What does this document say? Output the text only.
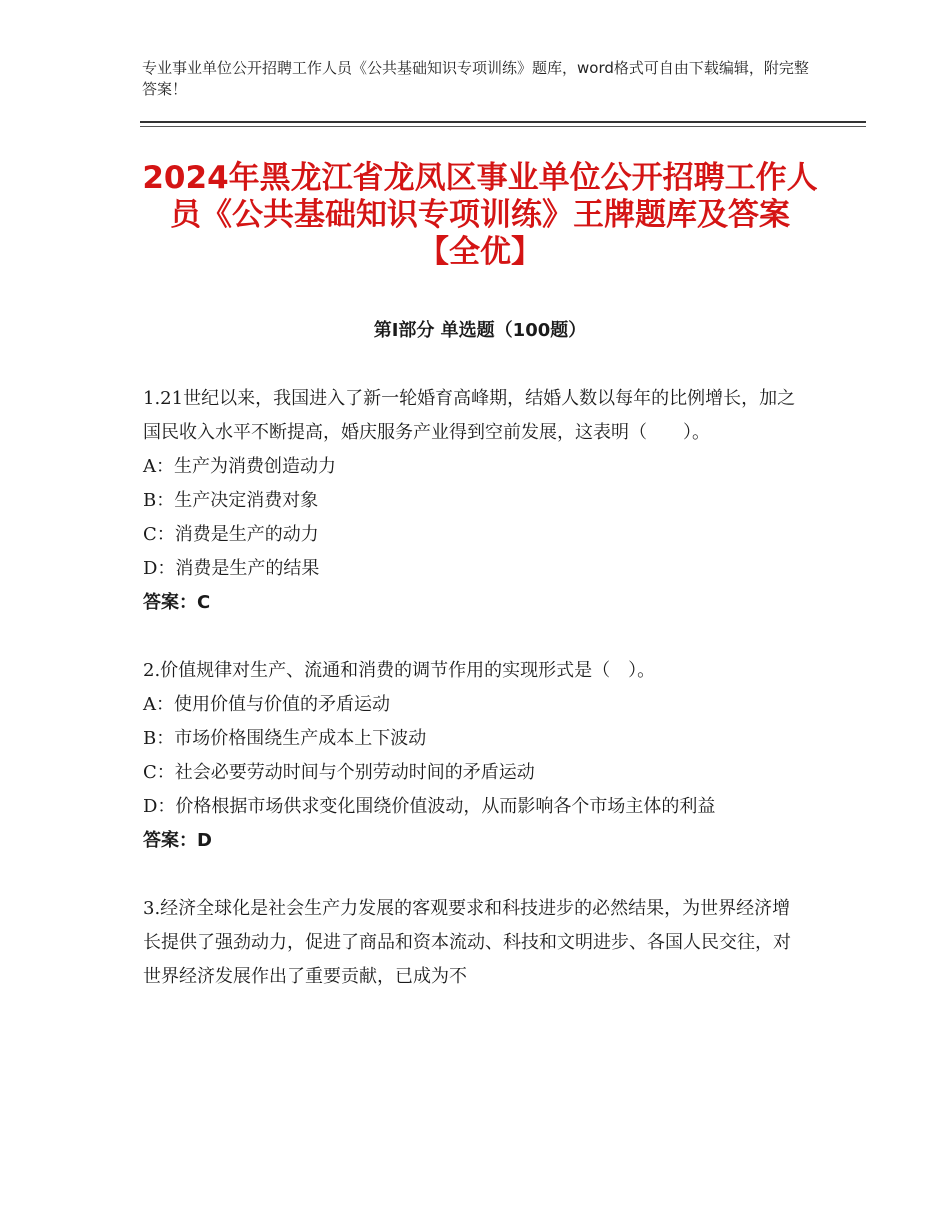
专业事业单位公开招聘工作人员《公共基础知识专项训练》题库，word格式可自由下载编辑，附完整答案！
2024年黑龙江省龙凤区事业单位公开招聘工作人员《公共基础知识专项训练》王牌题库及答案【全优】
第Ⅰ部分 单选题（100题）
1.21世纪以来，我国进入了新一轮婚育高峰期，结婚人数以每年的比例增长，加之国民收入水平不断提高，婚庆服务产业得到空前发展，这表明（　　）。
A：生产为消费创造动力
B：生产决定消费对象
C：消费是生产的动力
D：消费是生产的结果
答案：C
2.价值规律对生产、流通和消费的调节作用的实现形式是（　）。
A：使用价值与价值的矛盾运动
B：市场价格围绕生产成本上下波动
C：社会必要劳动时间与个别劳动时间的矛盾运动
D：价格根据市场供求变化围绕价值波动，从而影响各个市场主体的利益
答案：D
3.经济全球化是社会生产力发展的客观要求和科技进步的必然结果，为世界经济增长提供了强劲动力，促进了商品和资本流动、科技和文明进步、各国人民交往，对世界经济发展作出了重要贡献，已成为不
